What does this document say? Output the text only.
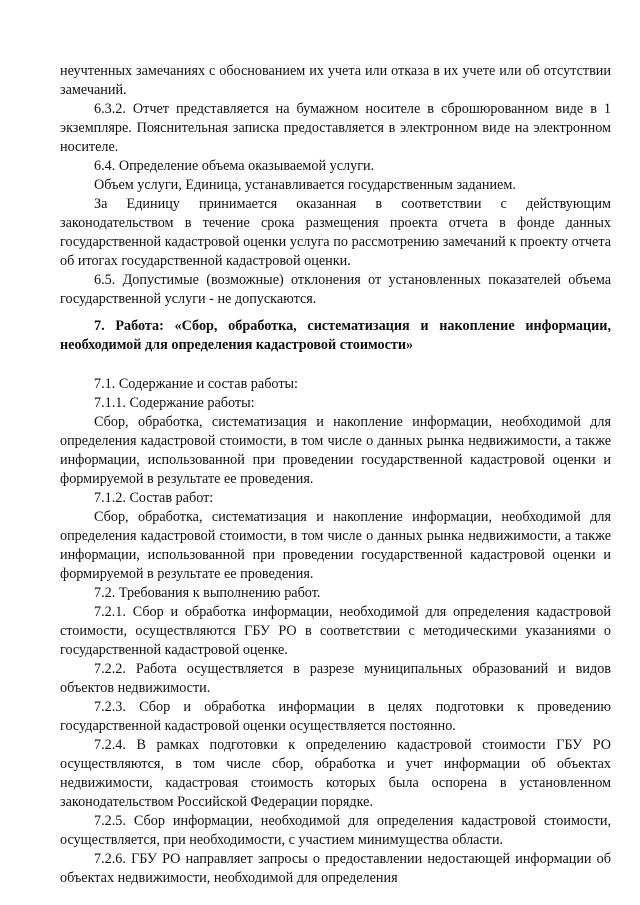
неучтенных замечаниях с обоснованием их учета или отказа в их учете или об отсутствии замечаний.

6.3.2. Отчет представляется на бумажном носителе в сброшюрованном виде в 1 экземпляре. Пояснительная записка предоставляется в электронном виде на электронном носителе.

6.4. Определение объема оказываемой услуги.

Объем услуги, Единица, устанавливается государственным заданием.

За Единицу принимается оказанная в соответствии с действующим законодательством в течение срока размещения проекта отчета в фонде данных государственной кадастровой оценки услуга по рассмотрению замечаний к проекту отчета об итогах государственной кадастровой оценки.

6.5. Допустимые (возможные) отклонения от установленных показателей объема государственной услуги - не допускаются.

7. Работа: «Сбор, обработка, систематизация и накопление информации, необходимой для определения кадастровой стоимости»

7.1. Содержание и состав работы:

7.1.1. Содержание работы:

Сбор, обработка, систематизация и накопление информации, необходимой для определения кадастровой стоимости, в том числе о данных рынка недвижимости, а также информации, использованной при проведении государственной кадастровой оценки и формируемой в результате ее проведения.

7.1.2. Состав работ:

Сбор, обработка, систематизация и накопление информации, необходимой для определения кадастровой стоимости, в том числе о данных рынка недвижимости, а также информации, использованной при проведении государственной кадастровой оценки и формируемой в результате ее проведения.

7.2. Требования к выполнению работ.

7.2.1. Сбор и обработка информации, необходимой для определения кадастровой стоимости, осуществляются ГБУ РО в соответствии с методическими указаниями о государственной кадастровой оценке.

7.2.2. Работа осуществляется в разрезе муниципальных образований и видов объектов недвижимости.

7.2.3. Сбор и обработка информации в целях подготовки к проведению государственной кадастровой оценки осуществляется постоянно.

7.2.4. В рамках подготовки к определению кадастровой стоимости ГБУ РО осуществляются, в том числе сбор, обработка и учет информации об объектах недвижимости, кадастровая стоимость которых была оспорена в установленном законодательством Российской Федерации порядке.

7.2.5. Сбор информации, необходимой для определения кадастровой стоимости, осуществляется, при необходимости, с участием минимущества области.

7.2.6. ГБУ РО направляет запросы о предоставлении недостающей информации об объектах недвижимости, необходимой для определения
